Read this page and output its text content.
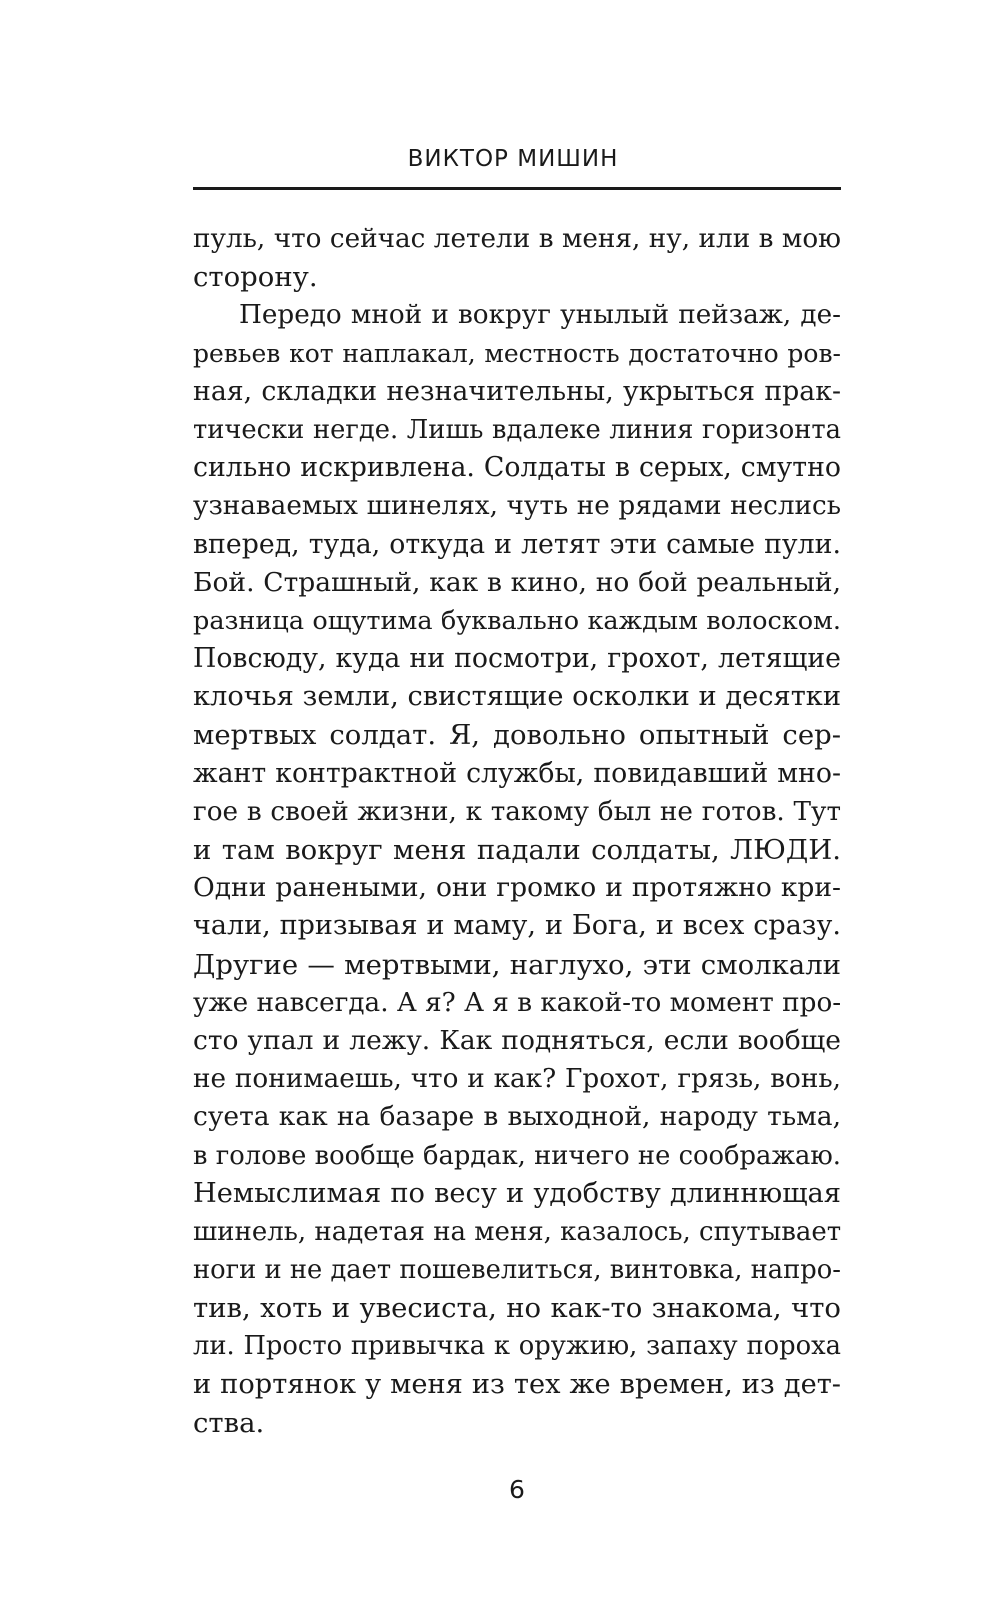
ВИКТОР МИШИН
пуль, что сейчас летели в меня, ну, или в мою
сторону.
Передо мной и вокруг унылый пейзаж, де-
ревьев кот наплакал, местность достаточно ров-
ная, складки незначительны, укрыться прак-
тически негде. Лишь вдалеке линия горизонта
сильно искривлена. Солдаты в серых, смутно
узнаваемых шинелях, чуть не рядами неслись
вперед, туда, откуда и летят эти самые пули.
Бой. Страшный, как в кино, но бой реальный,
разница ощутима буквально каждым волоском.
Повсюду, куда ни посмотри, грохот, летящие
клочья земли, свистящие осколки и десятки
мертвых солдат. Я, довольно опытный сер-
жант контрактной службы, повидавший мно-
гое в своей жизни, к такому был не готов. Тут
и там вокруг меня падали солдаты, ЛЮДИ.
Одни ранеными, они громко и протяжно кри-
чали, призывая и маму, и Бога, и всех сразу.
Другие — мертвыми, наглухо, эти смолкали
уже навсегда. А я? А я в какой-то момент про-
сто упал и лежу. Как подняться, если вообще
не понимаешь, что и как? Грохот, грязь, вонь,
суета как на базаре в выходной, народу тьма,
в голове вообще бардак, ничего не соображаю.
Немыслимая по весу и удобству длиннющая
шинель, надетая на меня, казалось, спутывает
ноги и не дает пошевелиться, винтовка, напро-
тив, хоть и увесиста, но как-то знакома, что
ли. Просто привычка к оружию, запаху пороха
и портянок у меня из тех же времен, из дет-
ства.
6
